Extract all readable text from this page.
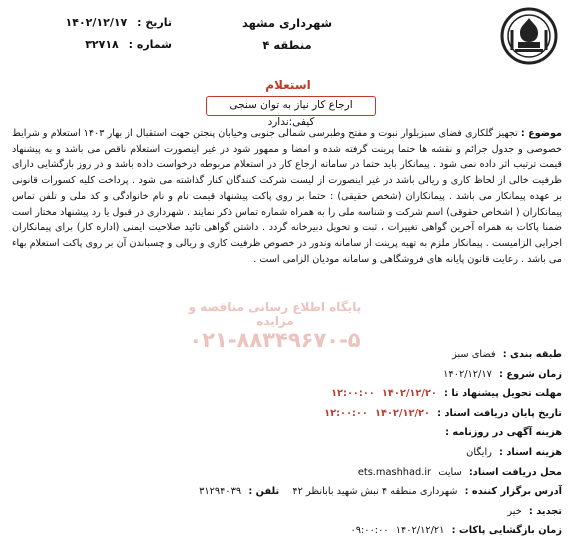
شهرداری مشهد
منطقه ۴
تاریخ : ۱۴۰۲/۱۲/۱۷
شماره : ۳۲۷۱۸
استعلام
ارجاع کار نیاز به توان سنجی کیفی:ندارد
موضوع : تجهیز گلکاری فضای سبزبلوار نبوت و مفتح وطبرسی شمالی جنوبی وخیابان پنجتن جهت استقبال از بهار ۱۴۰۳ استعلام و شرایط خصوصی و جدول جرائم و نقشه ها حتما پرینت گرفته شده و امضا و ممهور شود در غیر اینصورت استعلام ناقص می باشد و به پیشنهاد قیمت ترتیب اثر داده نمی شود . پیمانکار باید حتما در سامانه ارجاع کار در استعلام مربوطه درخواست داده باشد و در روز بازگشایی دارای ظرفیت خالی از لحاظ کاری و ریالی باشد در غیر اینصورت از لیست شرکت کنندگان کنار گذاشته می شود . پرداخت کلیه کسورات قانونی بر عهده پیمانکار می باشد . پیمانکاران (شخص حقیقی) : حتما بر روی پاکت پیشنهاد قیمت نام و نام خانوادگی و کد ملی و تلفن تماس پیمانکاران ( اشخاص حقوقی) اسم شرکت و شناسه ملی را به همراه شماره تماس ذکر نمایند . شهرداری در قبول یا رد پیشنهاد مختار است ضمنا پاکات به همراه آخرین گواهی تغییرات ، ثبت و تحویل دبیرخانه گردد . داشتن گواهی تائید صلاحیت ایمنی (اداره کار) برای پیمانکاران اجرایی الزامیست . پیمانکار ملزم به تهیه پرینت از سامانه وندور در خصوص ظرفیت کاری و ریالی و چسباندن آن بر روی پاکت استعلام بهاء می باشد . رعایت قانون پایانه های فروشگاهی و سامانه مودیان الزامی است .
پایگاه اطلاع رسانی مناقصه و مزایده
۰۲۱-۸۸۳۴۹۶۷۰-۵
طبقه بندی : فضای سبز
زمان شروع : ۱۴۰۲/۱۲/۱۷
مهلت تحویل پیشنهاد تا : ۱۴۰۲/۱۲/۲۰ ۱۲:۰۰:۰۰
تاریخ پایان دریافت اسناد : ۱۴۰۲/۱۲/۲۰ ۱۲:۰۰:۰۰
هزینه آگهی در روزنامه :
هزینه اسناد : رایگان
محل دریافت اسناد: سایت ets.mashhad.ir
آدرس برگزار کننده : شهرداری منطقه ۴ نبش شهید بابانظر ۴۲ تلفن : ۳۱۲۹۴۰۳۹
تجدید : خیر
زمان بازگشایی پاکات : ۱۴۰۲/۱۲/۲۱ ۰۹:۰۰:۰۰
